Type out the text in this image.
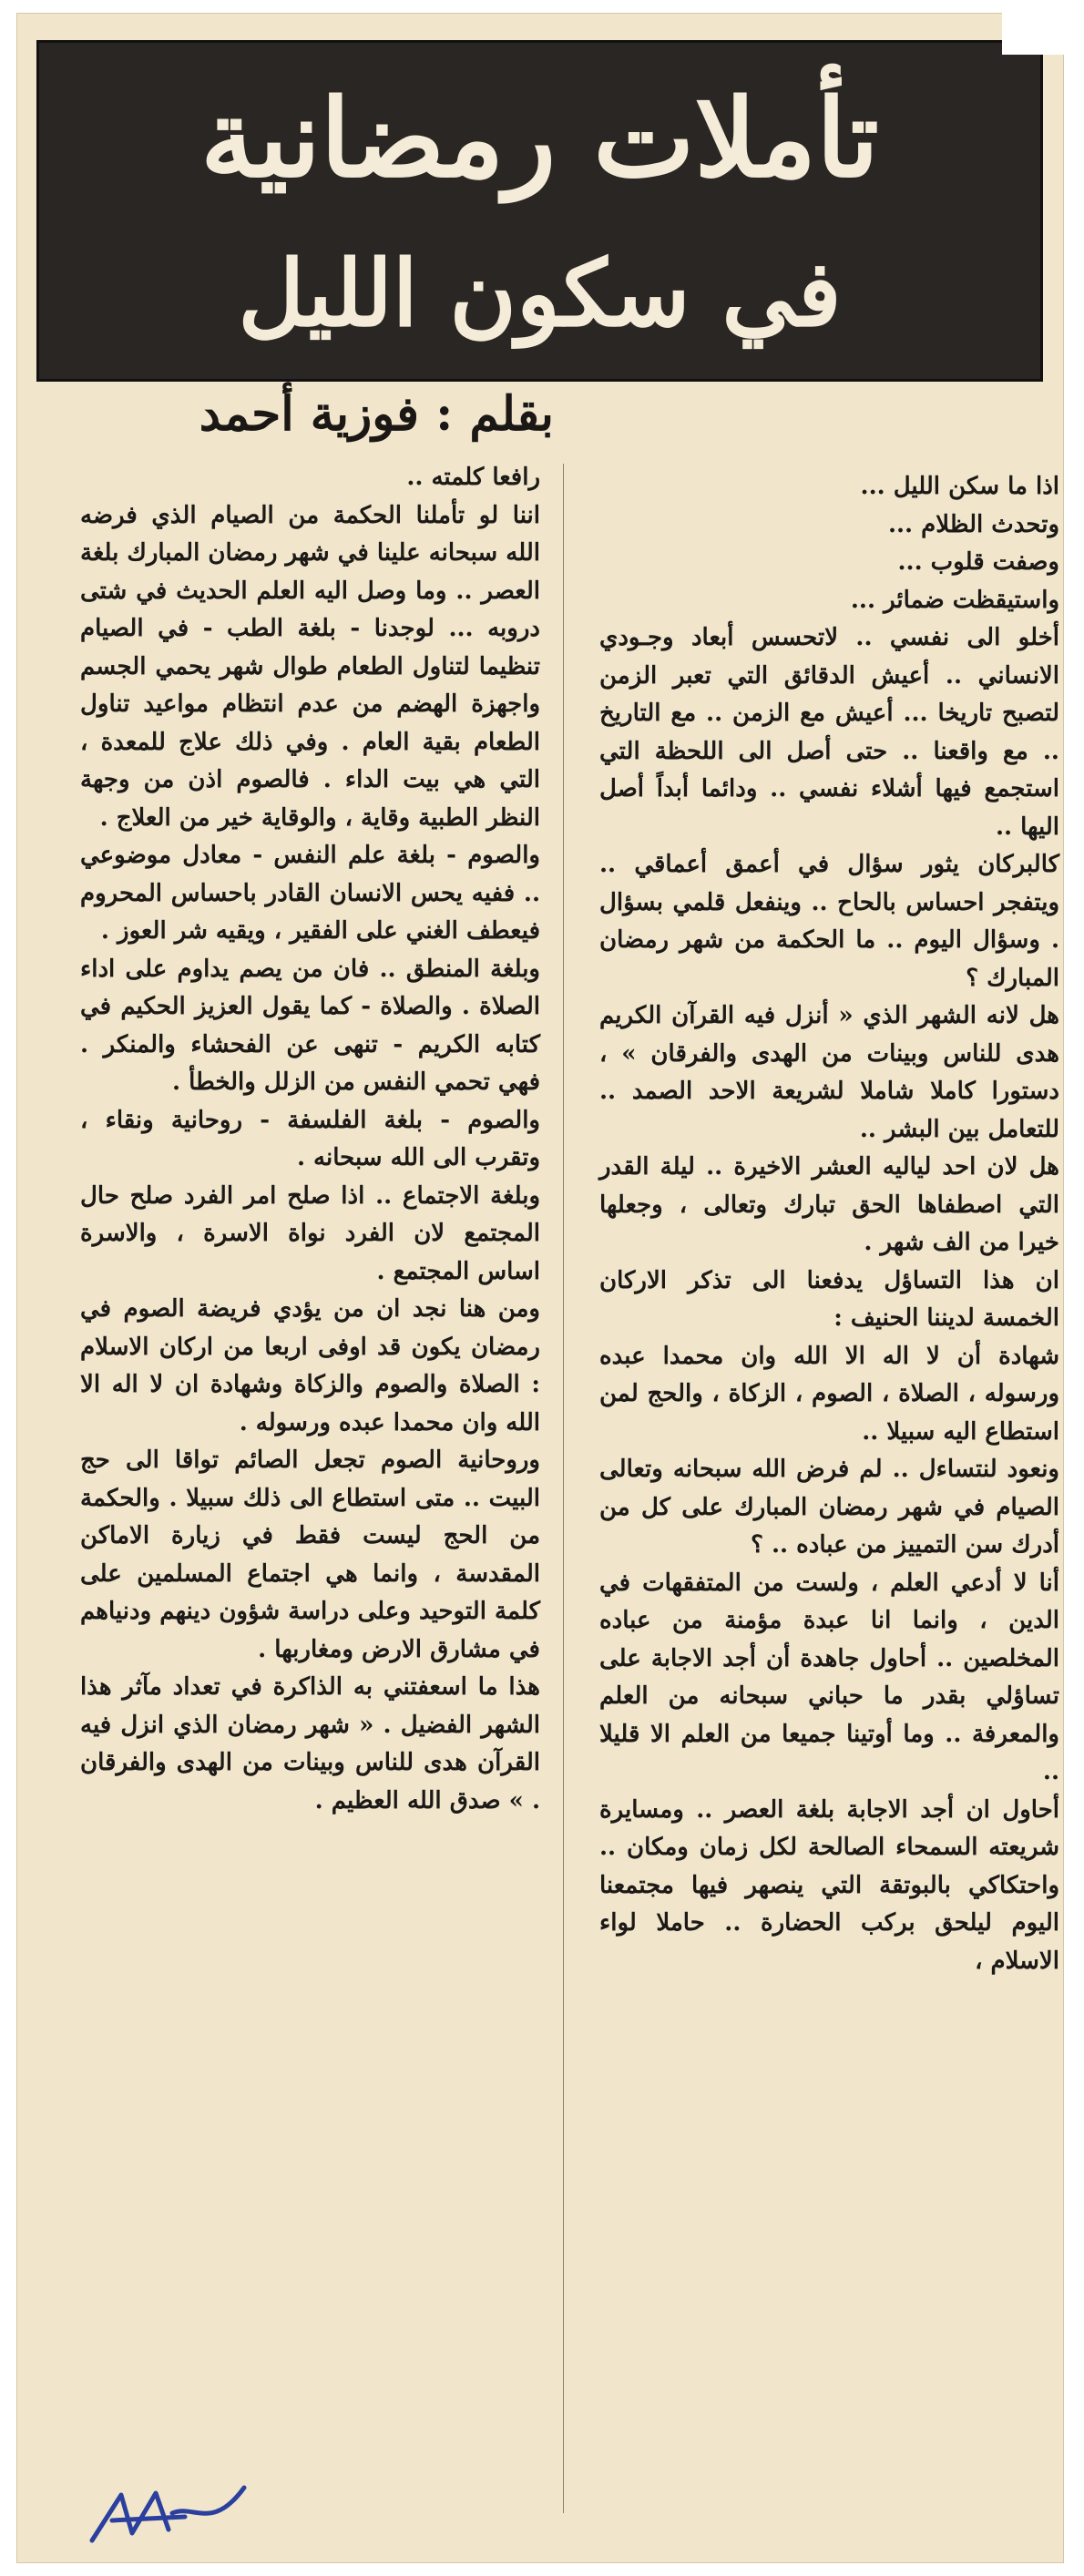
تأملات رمضانية
في سكون الليل
بقلم : فوزية أحمد

اذا ما سكن الليل ...

وتحدث الظلام ...

وصفت قلوب ...

واستيقظت ضمائر ...

أخلو الى نفسي .. لاتحسس أبعاد وجـودي الانساني .. أعيش الدقائق التي تعبر الزمن لتصبح تاريخا ... أعيش مع الزمن .. مع التاريخ .. مع واقعنا .. حتى أصل الى اللحظة التي استجمع فيها أشلاء نفسي .. ودائما أبداً أصل اليها ..

كالبركان يثور سؤال في أعمق أعماقي .. ويتفجر احساس بالحاح .. وينفعل قلمي بسؤال . وسؤال اليوم .. ما الحكمة من شهر رمضان المبارك ؟

هل لانه الشهر الذي « أنزل فيه القرآن الكريم هدى للناس وبينات من الهدى والفرقان » ، دستورا كاملا شاملا لشريعة الاحد الصمد .. للتعامل بين البشر ..

هل لان احد لياليه العشر الاخيرة .. ليلة القدر التي اصطفاها الحق تبارك وتعالى ، وجعلها خيرا من الف شهر .

ان هذا التساؤل يدفعنا الى تذكر الاركان الخمسة لديننا الحنيف :

شهادة أن لا اله الا الله وان محمدا عبده ورسوله ، الصلاة ، الصوم ، الزكاة ، والحج لمن استطاع اليه سبيلا ..

ونعود لنتساءل .. لم فرض الله سبحانه وتعالى الصيام في شهر رمضان المبارك على كل من أدرك سن التمييز من عباده .. ؟

أنا لا أدعي العلم ، ولست من المتفقهات في الدين ، وانما انا عبدة مؤمنة من عباده المخلصين .. أحاول جاهدة أن أجد الاجابة على تساؤلي بقدر ما حباني سبحانه من العلم والمعرفة .. وما أوتينا جميعا من العلم الا قليلا ..

أحاول ان أجد الاجابة بلغة العصر .. ومسايرة شريعته السمحاء الصالحة لكل زمان ومكان .. واحتكاكي بالبوتقة التي ينصهر فيها مجتمعنا اليوم ليلحق بركب الحضارة .. حاملا لواء الاسلام ،

رافعا كلمته ..

اننا لو تأملنا الحكمة من الصيام الذي فرضه الله سبحانه علينا في شهر رمضان المبارك بلغة العصر .. وما وصل اليه العلم الحديث في شتى دروبه ... لوجدنا - بلغة الطب - في الصيام تنظيما لتناول الطعام طوال شهر يحمي الجسم واجهزة الهضم من عدم انتظام مواعيد تناول الطعام بقية العام . وفي ذلك علاج للمعدة ، التي هي بيت الداء . فالصوم اذن من وجهة النظر الطبية وقاية ، والوقاية خير من العلاج .

والصوم - بلغة علم النفس - معادل موضوعي .. ففيه يحس الانسان القادر باحساس المحروم فيعطف الغني على الفقير ، ويقيه شر العوز .

وبلغة المنطق .. فان من يصم يداوم على اداء الصلاة . والصلاة - كما يقول العزيز الحكيم في كتابه الكريم - تنهى عن الفحشاء والمنكر . فهي تحمي النفس من الزلل والخطأ .

والصوم - بلغة الفلسفة - روحانية ونقاء ، وتقرب الى الله سبحانه .

وبلغة الاجتماع .. اذا صلح امر الفرد صلح حال المجتمع لان الفرد نواة الاسرة ، والاسرة اساس المجتمع .

ومن هنا نجد ان من يؤدي فريضة الصوم في رمضان يكون قد اوفى اربعا من اركان الاسلام : الصلاة والصوم والزكاة وشهادة ان لا اله الا الله وان محمدا عبده ورسوله .

وروحانية الصوم تجعل الصائم تواقا الى حج البيت .. متى استطاع الى ذلك سبيلا . والحكمة من الحج ليست فقط في زيارة الاماكن المقدسة ، وانما هي اجتماع المسلمين على كلمة التوحيد وعلى دراسة شؤون دينهم ودنياهم في مشارق الارض ومغاربها .

هذا ما اسعفتني به الذاكرة في تعداد مآثر هذا الشهر الفضيل . « شهر رمضان الذي انزل فيه القرآن هدى للناس وبينات من الهدى والفرقان . » صدق الله العظيم .
